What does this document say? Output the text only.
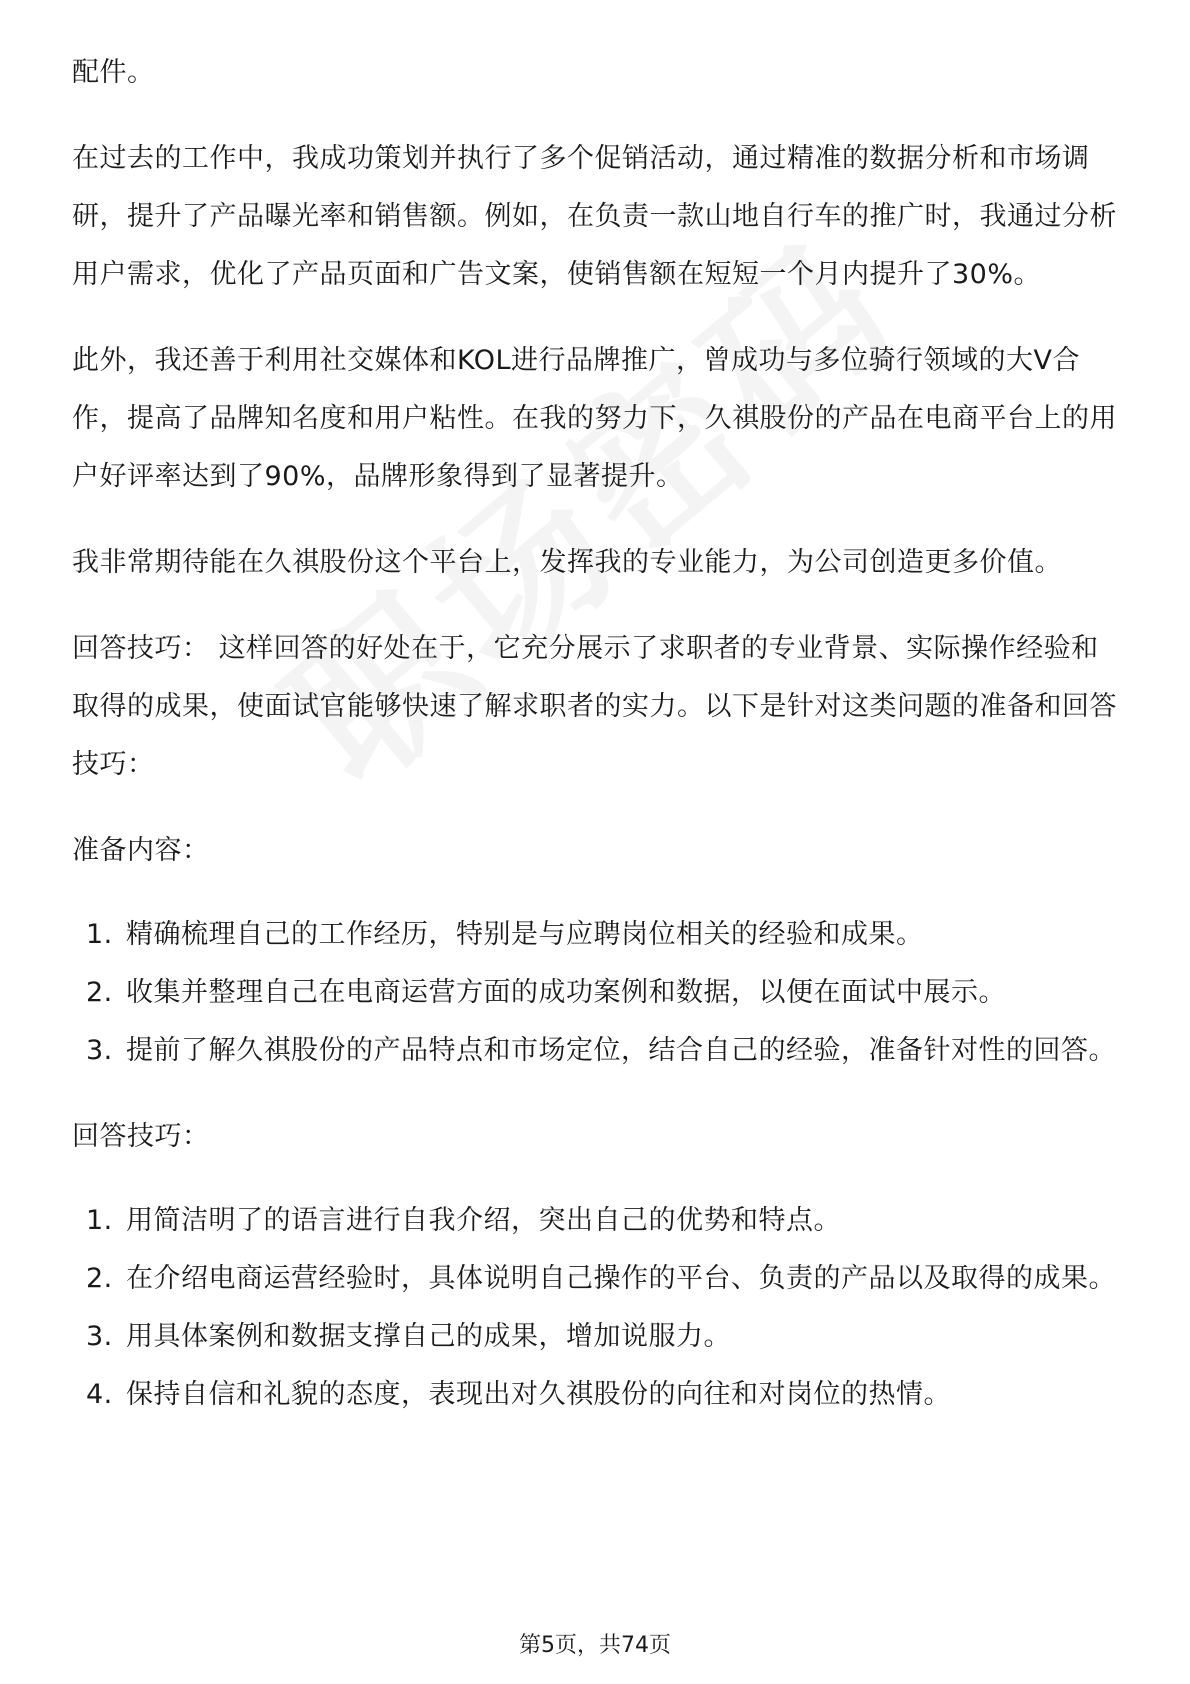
配件。

在过去的工作中，我成功策划并执行了多个促销活动，通过精准的数据分析和市场调研，提升了产品曝光率和销售额。例如，在负责一款山地自行车的推广时，我通过分析用户需求，优化了产品页面和广告文案，使销售额在短短一个月内提升了30%。

此外，我还善于利用社交媒体和KOL进行品牌推广，曾成功与多位骑行领域的大V合作，提高了品牌知名度和用户粘性。在我的努力下，久祺股份的产品在电商平台上的用户好评率达到了90%，品牌形象得到了显著提升。

我非常期待能在久祺股份这个平台上，发挥我的专业能力，为公司创造更多价值。

回答技巧： 这样回答的好处在于，它充分展示了求职者的专业背景、实际操作经验和取得的成果，使面试官能够快速了解求职者的实力。以下是针对这类问题的准备和回答技巧：

准备内容：

1. 精确梳理自己的工作经历，特别是与应聘岗位相关的经验和成果。
2. 收集并整理自己在电商运营方面的成功案例和数据，以便在面试中展示。
3. 提前了解久祺股份的产品特点和市场定位，结合自己的经验，准备针对性的回答。

回答技巧：

1. 用简洁明了的语言进行自我介绍，突出自己的优势和特点。
2. 在介绍电商运营经验时，具体说明自己操作的平台、负责的产品以及取得的成果。
3. 用具体案例和数据支撑自己的成果，增加说服力。
4. 保持自信和礼貌的态度，表现出对久祺股份的向往和对岗位的热情。
第5页，共74页
